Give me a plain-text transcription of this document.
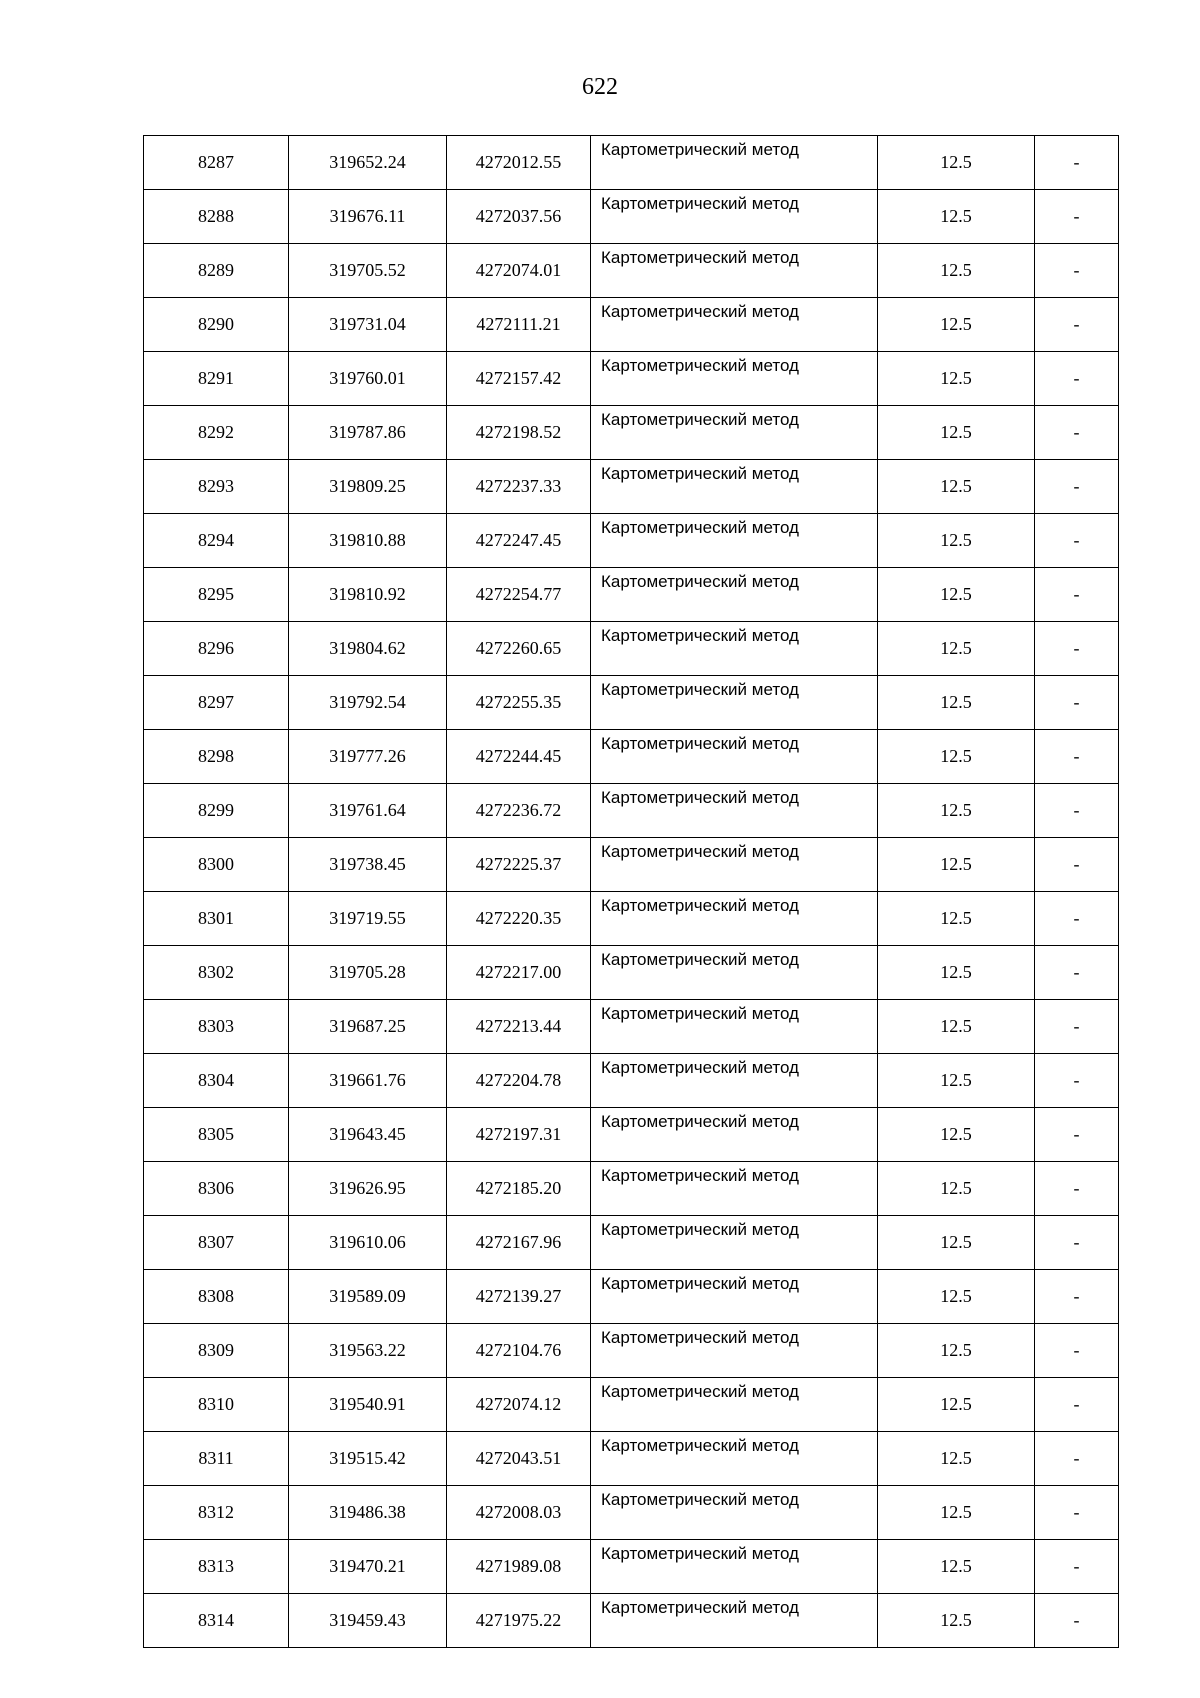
622
8287	319652.24	4272012.55	Картометрический метод	12.5	-
8288	319676.11	4272037.56	Картометрический метод	12.5	-
8289	319705.52	4272074.01	Картометрический метод	12.5	-
8290	319731.04	4272111.21	Картометрический метод	12.5	-
8291	319760.01	4272157.42	Картометрический метод	12.5	-
8292	319787.86	4272198.52	Картометрический метод	12.5	-
8293	319809.25	4272237.33	Картометрический метод	12.5	-
8294	319810.88	4272247.45	Картометрический метод	12.5	-
8295	319810.92	4272254.77	Картометрический метод	12.5	-
8296	319804.62	4272260.65	Картометрический метод	12.5	-
8297	319792.54	4272255.35	Картометрический метод	12.5	-
8298	319777.26	4272244.45	Картометрический метод	12.5	-
8299	319761.64	4272236.72	Картометрический метод	12.5	-
8300	319738.45	4272225.37	Картометрический метод	12.5	-
8301	319719.55	4272220.35	Картометрический метод	12.5	-
8302	319705.28	4272217.00	Картометрический метод	12.5	-
8303	319687.25	4272213.44	Картометрический метод	12.5	-
8304	319661.76	4272204.78	Картометрический метод	12.5	-
8305	319643.45	4272197.31	Картометрический метод	12.5	-
8306	319626.95	4272185.20	Картометрический метод	12.5	-
8307	319610.06	4272167.96	Картометрический метод	12.5	-
8308	319589.09	4272139.27	Картометрический метод	12.5	-
8309	319563.22	4272104.76	Картометрический метод	12.5	-
8310	319540.91	4272074.12	Картометрический метод	12.5	-
8311	319515.42	4272043.51	Картометрический метод	12.5	-
8312	319486.38	4272008.03	Картометрический метод	12.5	-
8313	319470.21	4271989.08	Картометрический метод	12.5	-
8314	319459.43	4271975.22	Картометрический метод	12.5	-
